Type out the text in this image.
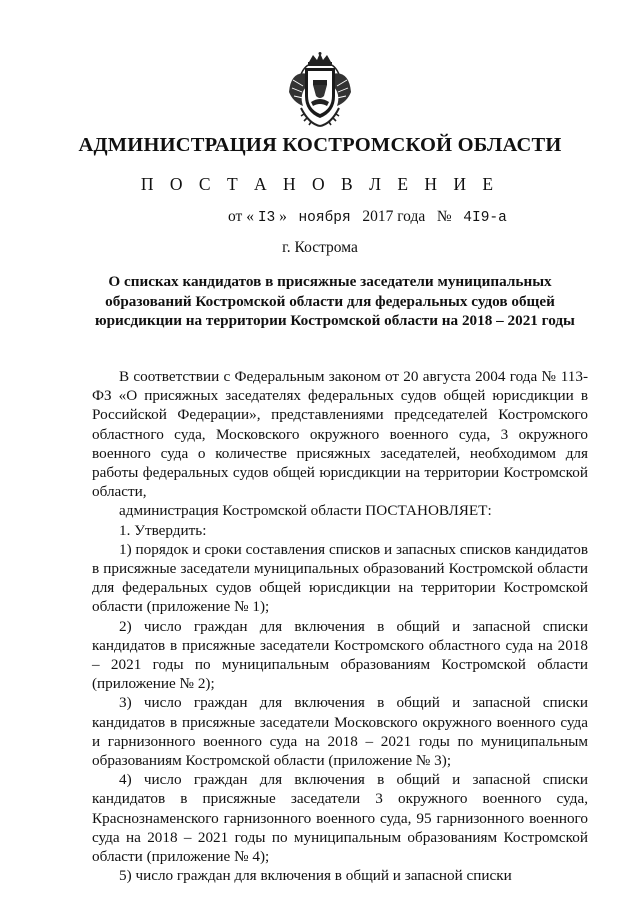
АДМИНИСТРАЦИЯ КОСТРОМСКОЙ ОБЛАСТИ
П О С Т А Н О В Л Е Н И Е
от « I3 » ноября 2017 года № 4I9-а
г. Кострома
О списках кандидатов в присяжные заседатели муниципальных
образований Костромской области для федеральных судов общей
юрисдикции на территории Костромской области на 2018 – 2021 годы

В соответствии с Федеральным законом от 20 августа 2004 года № 113-ФЗ «О присяжных заседателях федеральных судов общей юрисдикции в Российской Федерации», представлениями председателей Костромского областного суда, Московского окружного военного суда, 3 окружного военного суда о количестве присяжных заседателей, необходимом для работы федеральных судов общей юрисдикции на территории Костромской области,

администрация Костромской области ПОСТАНОВЛЯЕТ:

1. Утвердить:

1) порядок и сроки составления списков и запасных списков кандидатов в присяжные заседатели муниципальных образований Костромской области для федеральных судов общей юрисдикции на территории Костромской области (приложение № 1);

2) число граждан для включения в общий и запасной списки кандидатов в присяжные заседатели Костромского областного суда на 2018 – 2021 годы по муниципальным образованиям Костромской области (приложение № 2);

3) число граждан для включения в общий и запасной списки кандидатов в присяжные заседатели Московского окружного военного суда и гарнизонного военного суда на 2018 – 2021 годы по муниципальным образованиям Костромской области (приложение № 3);

4) число граждан для включения в общий и запасной списки кандидатов в присяжные заседатели 3 окружного военного суда, Краснознаменского гарнизонного военного суда, 95 гарнизонного военного суда на 2018 – 2021 годы по муниципальным образованиям Костромской области (приложение № 4);

5) число граждан для включения в общий и запасной списки
